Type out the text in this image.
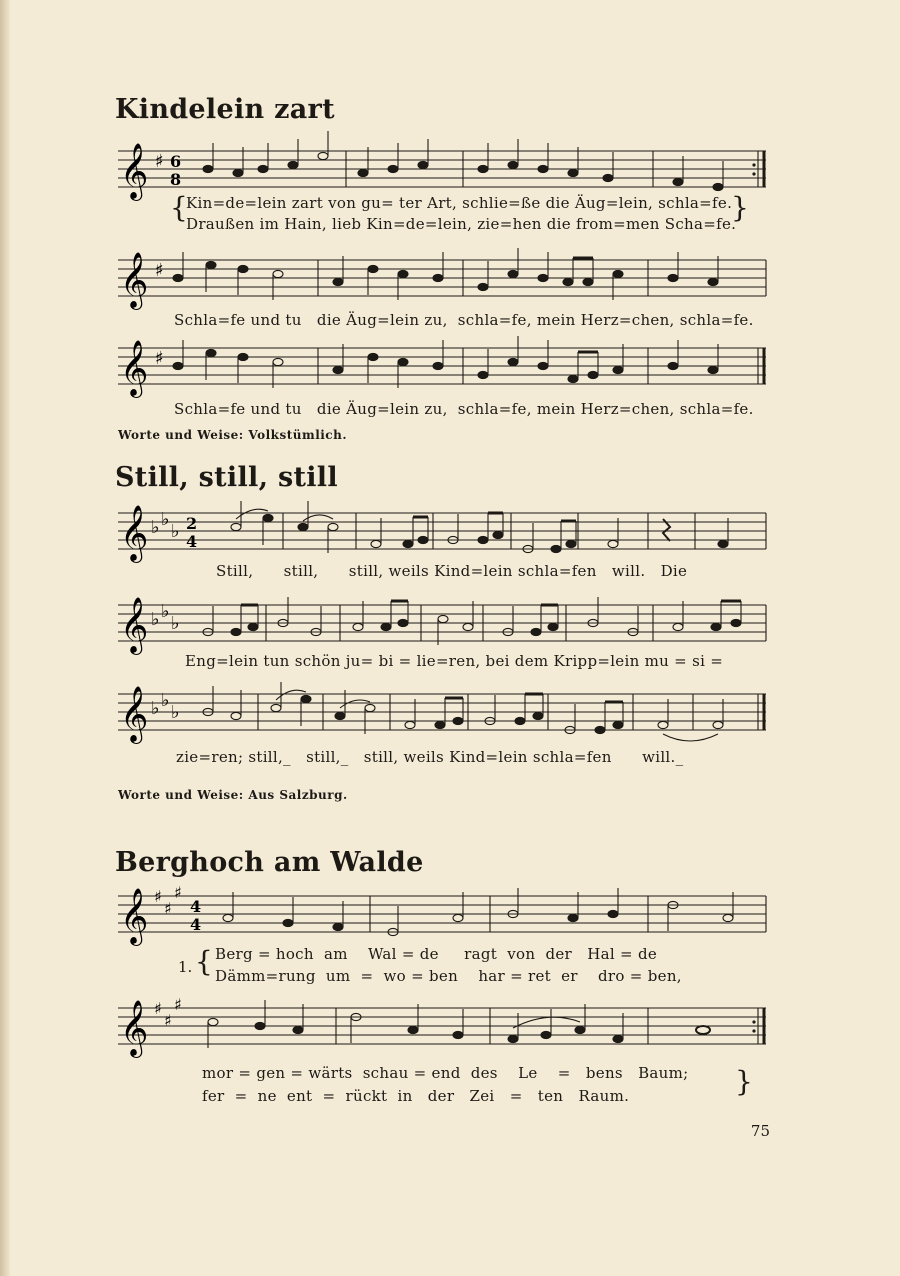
Kindelein zart
𝄞 ♯ 6
8
{
Kin=de=lein zart von gu= ter Art, schlie=ße die Äug=lein, schla=fe.
Draußen im Hain, lieb Kin=de=lein, zie=hen die from=men Scha=fe.
}
𝄞 ♯
Schla=fe und tu   die Äug=lein zu,  schla=fe, mein Herz=chen, schla=fe.
𝄞 ♯
Schla=fe und tu   die Äug=lein zu,  schla=fe, mein Herz=chen, schla=fe.
Worte und Weise: Volkstümlich.
Still, still, still
𝄞 ♭ ♭
♭ 2
4
Still,      still,      still, weils Kind=lein schla=fen   will.   Die
𝄞 ♭ ♭
♭
Eng=lein tun schön ju= bi = lie=ren, bei dem Kripp=lein mu = si =
𝄞 ♭ ♭
♭
zie=ren; still,_   still,_   still, weils Kind=lein schla=fen      will._
Worte und Weise: Aus Salzburg.
Berghoch am Walde
𝄞 ♯
♯
♯
4
4
1. { Berg = hoch  am    Wal = de     ragt  von  der   Hal = de
Dämm=rung  um  =  wo = ben    har = ret  er    dro = ben,
𝄞 ♯
♯
♯
mor = gen = wärts  schau = end  des    Le    =   bens   Baum;
fer  =  ne  ent  =  rückt  in   der   Zei   =   ten   Raum.	}
75
